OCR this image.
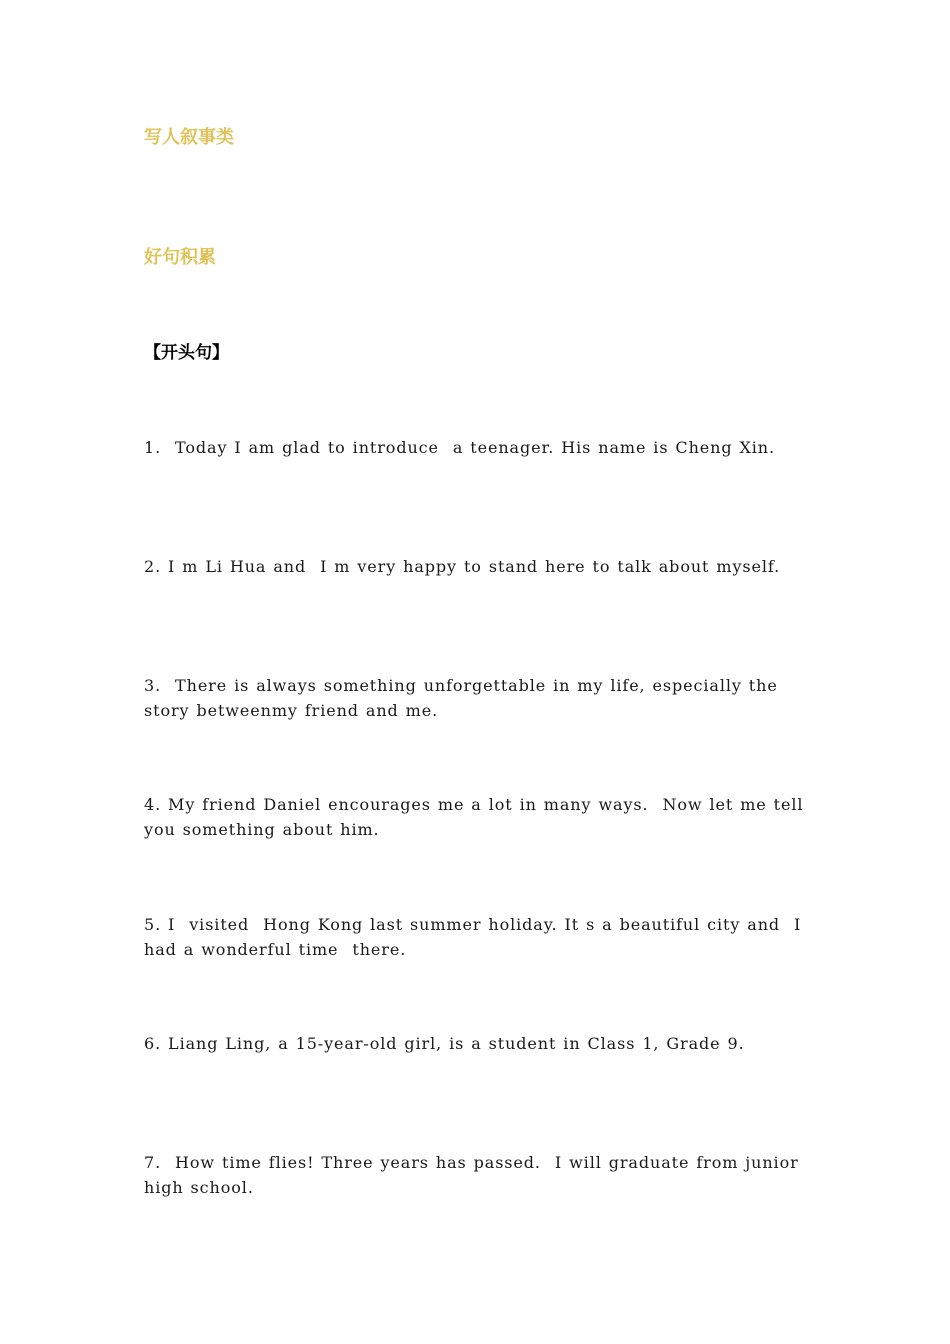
写人叙事类
好句积累
【开头句】

1.  Today I am glad to introduce  a teenager. His name is Cheng Xin.

2. I m Li Hua and  I m very happy to stand here to talk about myself.

3.  There is always something unforgettable in my life, especially the story betweenmy friend and me.

4. My friend Daniel encourages me a lot in many ways.  Now let me tell you something about him.

5. I  visited  Hong Kong last summer holiday. It s a beautiful city and  I had a wonderful time  there.

6. Liang Ling, a 15-year-old girl, is a student in Class 1, Grade 9.

7.  How time flies! Three years has passed.  I will graduate from junior high school.
